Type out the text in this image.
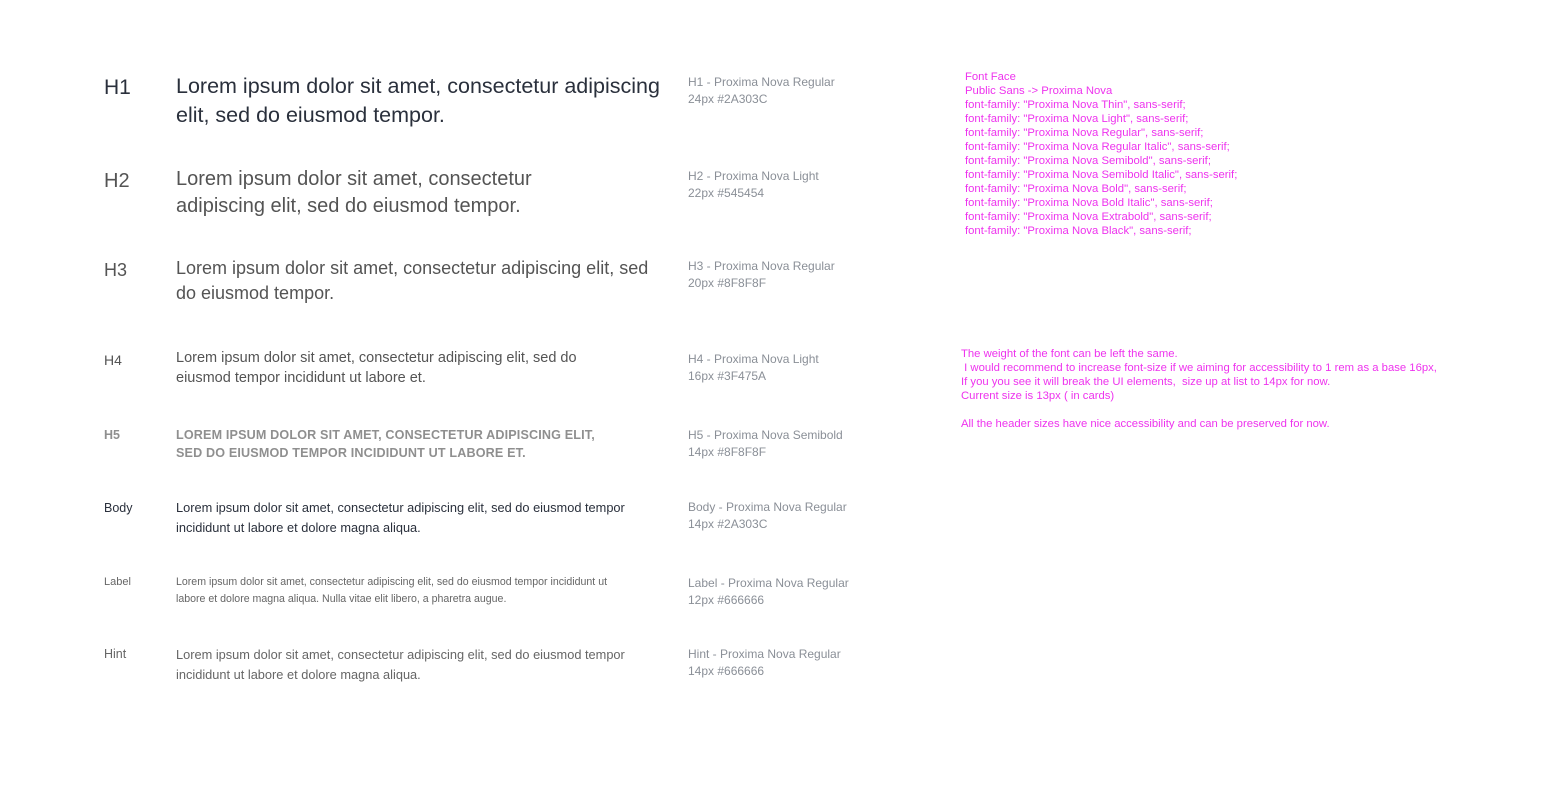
H1 Lorem ipsum dolor sit amet, consectetur adipiscing elit, sed do eiusmod tempor.

H1 - Proxima Nova Regular
24px #2A303C
H2 Lorem ipsum dolor sit amet, consectetur adipiscing elit, sed do eiusmod tempor.

H2 - Proxima Nova Light
22px #545454
H3	Lorem ipsum dolor sit amet, consectetur adipiscing elit, sed do eiusmod tempor.

H3 - Proxima Nova Regular
20px #8F8F8F
H4	Lorem ipsum dolor sit amet, consectetur adipiscing elit, sed do eiusmod tempor incididunt ut labore et.

H4 - Proxima Nova Light
16px #3F475A
H5	LOREM IPSUM DOLOR SIT AMET, CONSECTETUR ADIPISCING ELIT, SED DO EIUSMOD TEMPOR INCIDIDUNT UT LABORE ET.

H5 - Proxima Nova Semibold
14px #8F8F8F
Body	Lorem ipsum dolor sit amet, consectetur adipiscing elit, sed do eiusmod tempor incididunt ut labore et dolore magna aliqua.

Body - Proxima Nova Regular
14px #2A303C
Label	Lorem ipsum dolor sit amet, consectetur adipiscing elit, sed do eiusmod tempor incididunt ut labore et dolore magna aliqua. Nulla vitae elit libero, a pharetra augue.

Label - Proxima Nova Regular
12px #666666
Hint	Lorem ipsum dolor sit amet, consectetur adipiscing elit, sed do eiusmod tempor incididunt ut labore et dolore magna aliqua.

Hint - Proxima Nova Regular
14px #666666
Font Face
Public Sans -> Proxima Nova
font-family: "Proxima Nova Thin", sans-serif;
font-family: "Proxima Nova Light", sans-serif;
font-family: "Proxima Nova Regular", sans-serif;
font-family: "Proxima Nova Regular Italic", sans-serif;
font-family: "Proxima Nova Semibold", sans-serif;
font-family: "Proxima Nova Semibold Italic", sans-serif;
font-family: "Proxima Nova Bold", sans-serif;
font-family: "Proxima Nova Bold Italic", sans-serif;
font-family: "Proxima Nova Extrabold", sans-serif;
font-family: "Proxima Nova Black", sans-serif;
The weight of the font can be left the same.
I would recommend to increase font-size if we aiming for accessibility to 1 rem as a base 16px,
If you you see it will break the UI elements,  size up at list to 14px for now.
Current size is 13px ( in cards)
All the header sizes have nice accessibility and can be preserved for now.
